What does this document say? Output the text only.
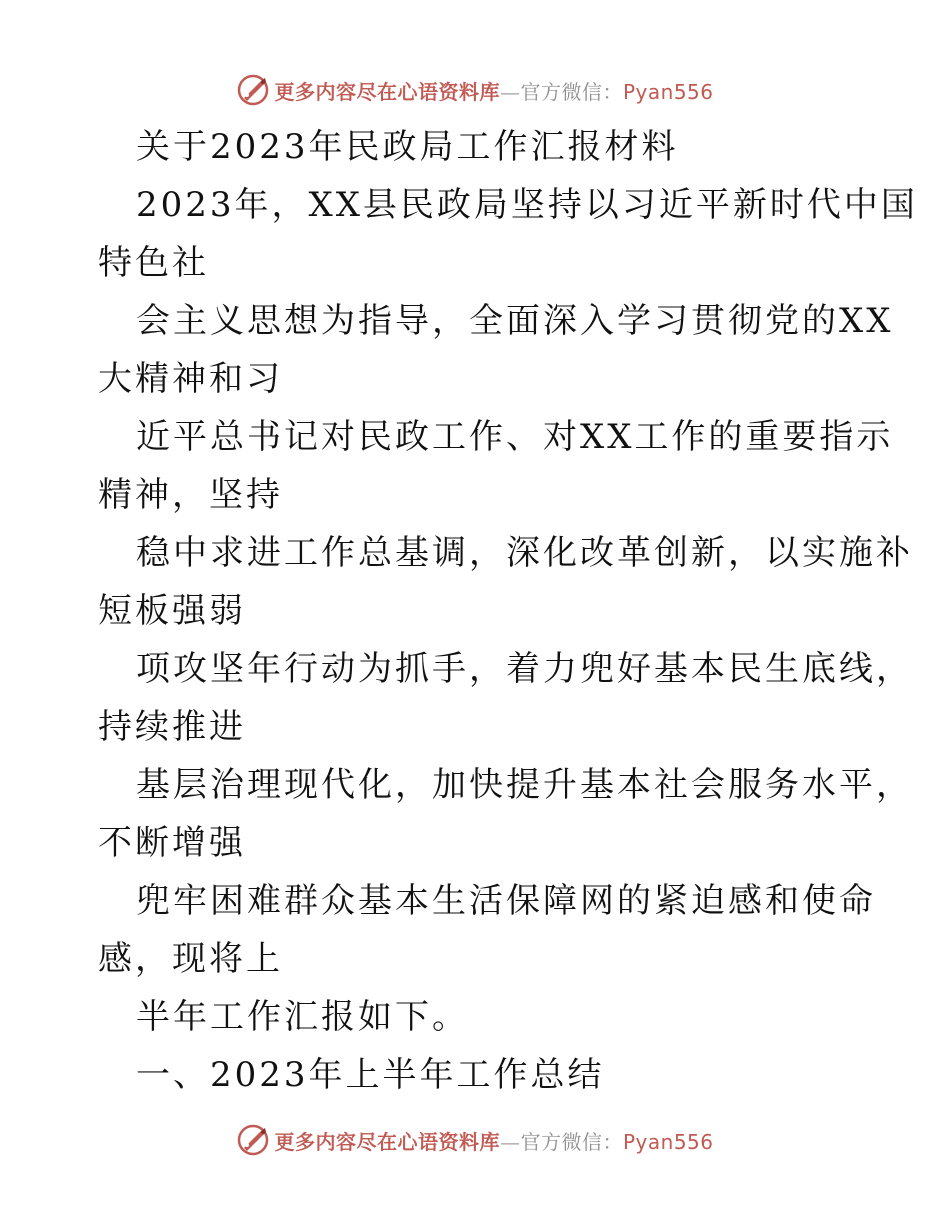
更多内容尽在心语资料库—官方微信：Pyan556
关于2023年民政局工作汇报材料
2023年，XX县民政局坚持以习近平新时代中国
特色社
会主义思想为指导，全面深入学习贯彻党的XX
大精神和习
近平总书记对民政工作、对XX工作的重要指示
精神，坚持
稳中求进工作总基调，深化改革创新，以实施补
短板强弱
项攻坚年行动为抓手，着力兜好基本民生底线，
持续推进
基层治理现代化，加快提升基本社会服务水平，
不断增强
兜牢困难群众基本生活保障网的紧迫感和使命
感，现将上
半年工作汇报如下。
一、2023年上半年工作总结
更多内容尽在心语资料库—官方微信：Pyan556
